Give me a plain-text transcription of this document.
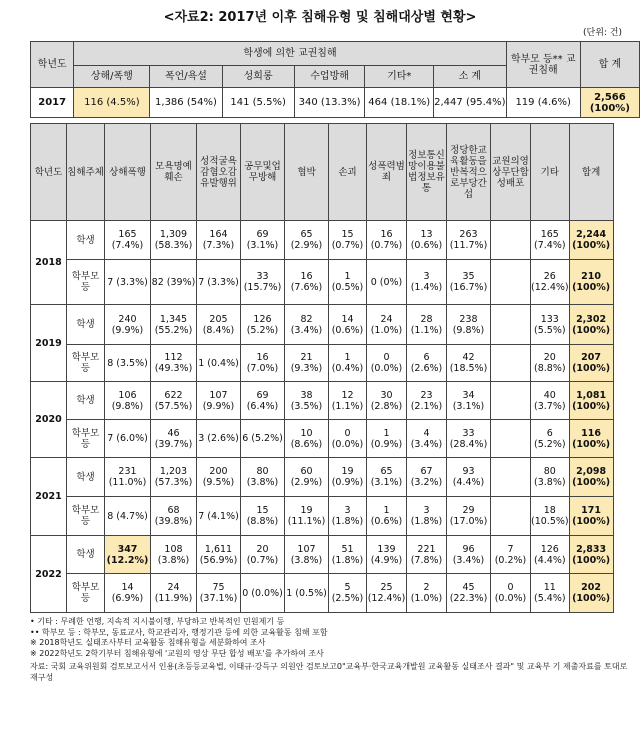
<자료2: 2017년 이후 침해유형 및 침해대상별 현황>
(단위: 건)
학년도	학생에 의한 교권침해						학부모 등** 교권침해	합 계
	상해/폭행	폭언/욕설	성희롱	수업방해	기타*	소 계		
2017	116 (4.5%)	1,386 (54%)	141 (5.5%)	340 (13.3%)	464 (18.1%)	2,447 (95.4%)	119 (4.6%)	2,566 (100%)
학년도	침해주체	상해폭행	모욕명예훼손	성적굴욕감혐오감유발행위	공무및업무방해	협박	손괴	성폭력범죄	정보통신망이용불법정보유통	정당한교육활동을반복적으로부당간섭	교원의영상무단합성배포	기타	합계
2018	학생	165 (7.4%)	1,309 (58.3%)	164 (7.3%)	69 (3.1%)	65 (2.9%)	15 (0.7%)	16 (0.7%)	13 (0.6%)	263 (11.7%)		165 (7.4%)	2,244 (100%)
	학부모 등	7 (3.3%)	82 (39%)	7 (3.3%)	33 (15.7%)	16 (7.6%)	1 (0.5%)	0 (0%)	3 (1.4%)	35 (16.7%)		26 (12.4%)	210 (100%)
2019	학생	240 (9.9%)	1,345 (55.2%)	205 (8.4%)	126 (5.2%)	82 (3.4%)	14 (0.6%)	24 (1.0%)	28 (1.1%)	238 (9.8%)		133 (5.5%)	2,302 (100%)
	학부모 등	8 (3.5%)	112 (49.3%)	1 (0.4%)	16 (7.0%)	21 (9.3%)	1 (0.4%)	0 (0.0%)	6 (2.6%)	42 (18.5%)		20 (8.8%)	207 (100%)
2020	학생	106 (9.8%)	622 (57.5%)	107 (9.9%)	69 (6.4%)	38 (3.5%)	12 (1.1%)	30 (2.8%)	23 (2.1%)	34 (3.1%)		40 (3.7%)	1,081 (100%)
	학부모 등	7 (6.0%)	46 (39.7%)	3 (2.6%)	6 (5.2%)	10 (8.6%)	0 (0.0%)	1 (0.9%)	4 (3.4%)	33 (28.4%)		6 (5.2%)	116 (100%)
2021	학생	231 (11.0%)	1,203 (57.3%)	200 (9.5%)	80 (3.8%)	60 (2.9%)	19 (0.9%)	65 (3.1%)	67 (3.2%)	93 (4.4%)		80 (3.8%)	2,098 (100%)
	학부모 등	8 (4.7%)	68 (39.8%)	7 (4.1%)	15 (8.8%)	19 (11.1%)	3 (1.8%)	1 (0.6%)	3 (1.8%)	29 (17.0%)		18 (10.5%)	171 (100%)
2022	학생	347 (12.2%)	108 (3.8%)	1,611 (56.9%)	20 (0.7%)	107 (3.8%)	51 (1.8%)	139 (4.9%)	221 (7.8%)	96 (3.4%)	7 (0.2%)	126 (4.4%)	2,833 (100%)
	학부모 등	14 (6.9%)	24 (11.9%)	75 (37.1%)	0 (0.0%)	1 (0.5%)	5 (2.5%)	25 (12.4%)	2 (1.0%)	45 (22.3%)	0 (0.0%)	11 (5.4%)	202 (100%)
• 기타 : 무례한 언행, 지속적 지시불이행, 부당하고 반복적인 민원제기 등
•• 학부모 등 : 학부모, 동료교사, 학교관리자, 행정기관 등에 의한 교육활동 침해 포함
※ 2018학년도 실태조사부터 교육활동 침해유형을 세분화하여 조사
※ 2022학년도 2학기부터 침해유형에 '교원의 영상 무단 합성 배포'를 추가하여 조사
자료: 국회 교육위원회 검토보고서서 인용(초등등교육법, 이태규·강득구 의원안 검토보고0"교육부·한국교육개발원 교육활동 실태조사 결과" 및 교육부 기 제출자료를 토대로 재구성
